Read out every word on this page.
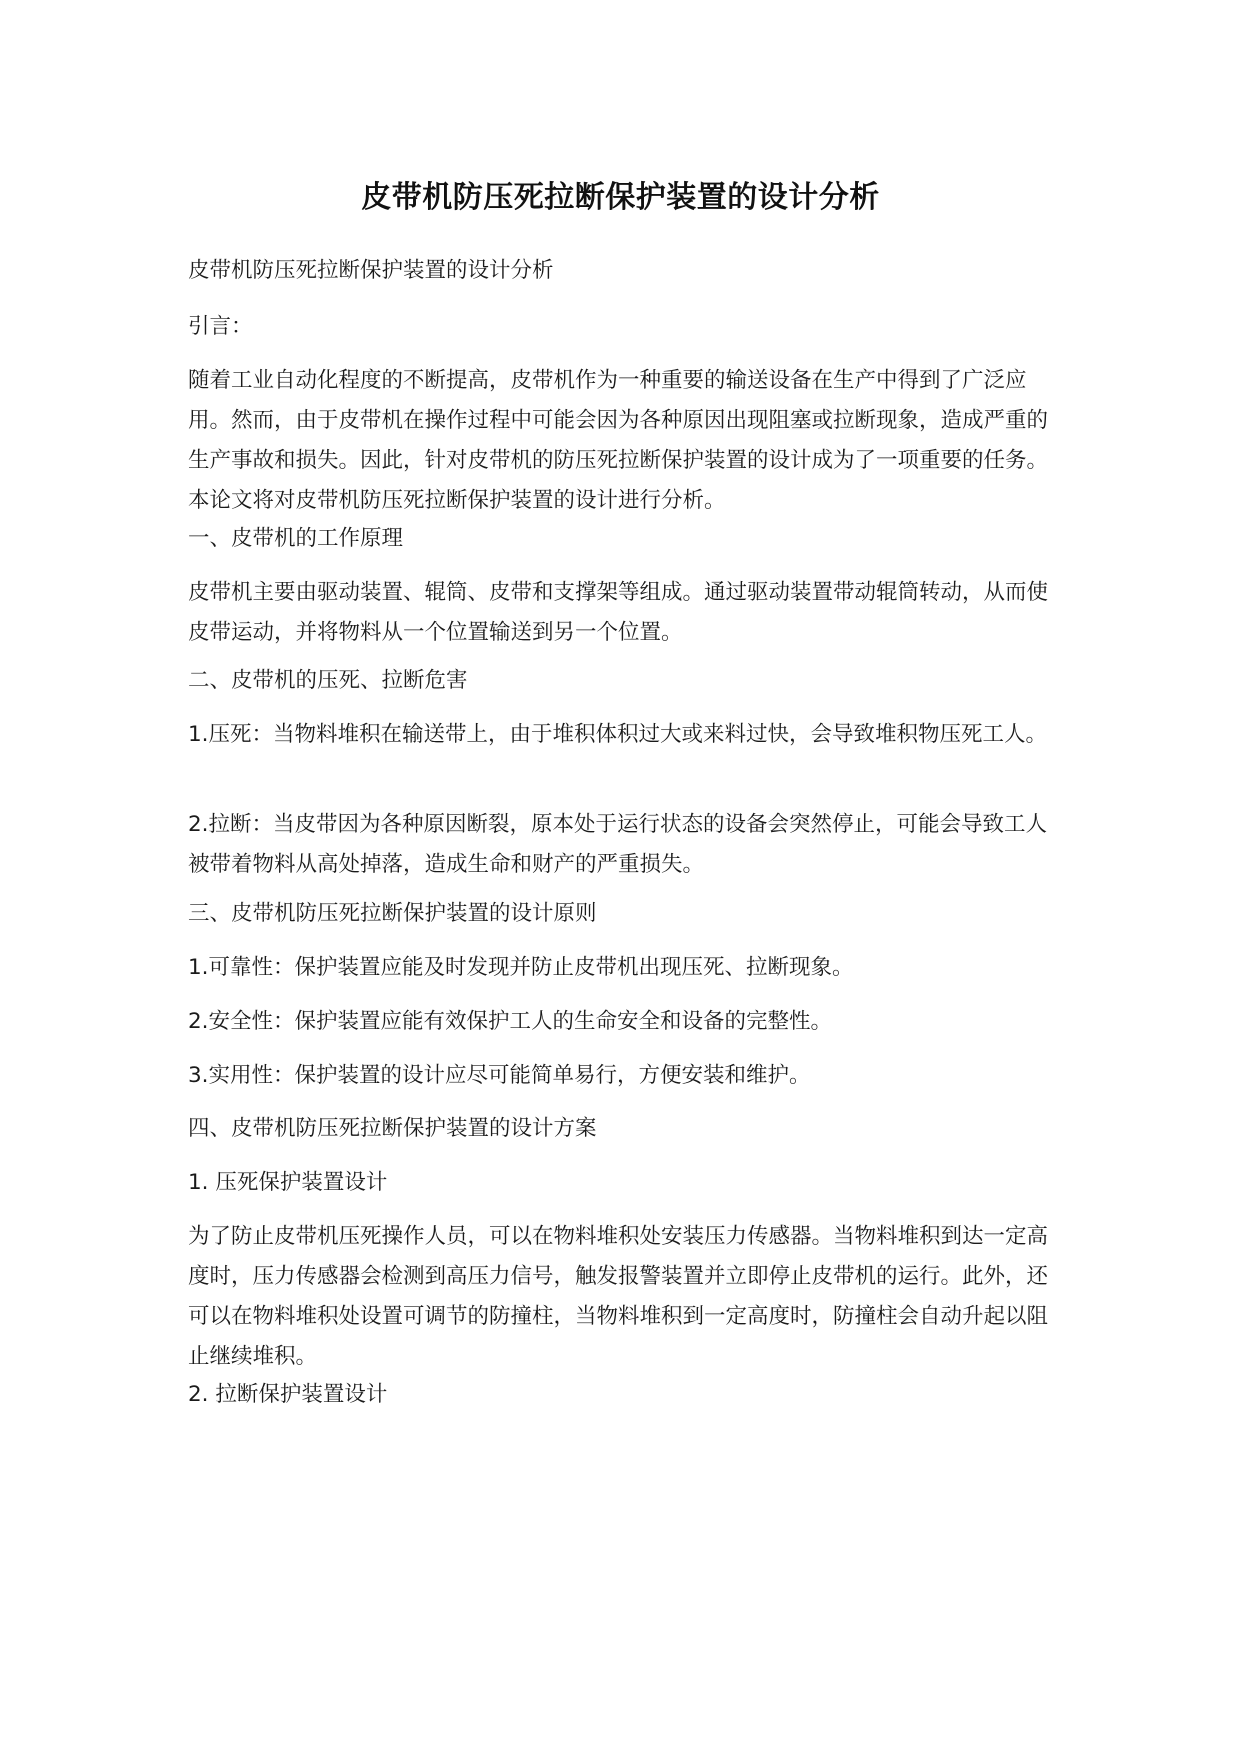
皮带机防压死拉断保护装置的设计分析
皮带机防压死拉断保护装置的设计分析
引言：
随着工业自动化程度的不断提高，皮带机作为一种重要的输送设备在生产中得到了广泛应用。然而，由于皮带机在操作过程中可能会因为各种原因出现阻塞或拉断现象，造成严重的生产事故和损失。因此，针对皮带机的防压死拉断保护装置的设计成为了一项重要的任务。本论文将对皮带机防压死拉断保护装置的设计进行分析。
一、皮带机的工作原理
皮带机主要由驱动装置、辊筒、皮带和支撑架等组成。通过驱动装置带动辊筒转动，从而使皮带运动，并将物料从一个位置输送到另一个位置。
二、皮带机的压死、拉断危害
1.压死：当物料堆积在输送带上，由于堆积体积过大或来料过快，会导致堆积物压死工人。
2.拉断：当皮带因为各种原因断裂，原本处于运行状态的设备会突然停止，可能会导致工人被带着物料从高处掉落，造成生命和财产的严重损失。
三、皮带机防压死拉断保护装置的设计原则
1.可靠性：保护装置应能及时发现并防止皮带机出现压死、拉断现象。
2.安全性：保护装置应能有效保护工人的生命安全和设备的完整性。
3.实用性：保护装置的设计应尽可能简单易行，方便安装和维护。
四、皮带机防压死拉断保护装置的设计方案
1. 压死保护装置设计
为了防止皮带机压死操作人员，可以在物料堆积处安装压力传感器。当物料堆积到达一定高度时，压力传感器会检测到高压力信号，触发报警装置并立即停止皮带机的运行。此外，还可以在物料堆积处设置可调节的防撞柱，当物料堆积到一定高度时，防撞柱会自动升起以阻止继续堆积。
2. 拉断保护装置设计
